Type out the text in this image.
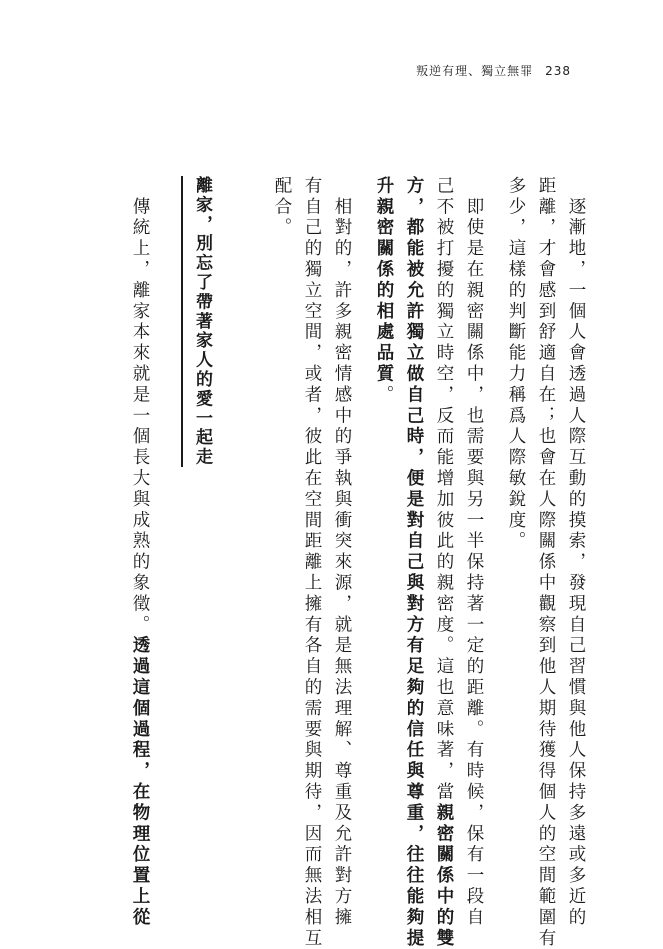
叛逆有理、獨立無罪 238
　逐漸地，一個人會透過人際互動的摸索，發現自己習慣與他人保持多遠或多近的
距離，才會感到舒適自在；也會在人際關係中觀察到他人期待獲得個人的空間範圍有
多少，這樣的判斷能力稱爲人際敏銳度。
　即使是在親密關係中，也需要與另一半保持著一定的距離。有時候，保有一段自
己不被打擾的獨立時空，反而能增加彼此的親密度。這也意味著，當親密關係中的雙
方，都能被允許獨立做自己時，便是對自己與對方有足夠的信任與尊重，往往能夠提
升親密關係的相處品質。
　相對的，許多親密情感中的爭執與衝突來源，就是無法理解、尊重及允許對方擁
有自己的獨立空間，或者，彼此在空間距離上擁有各自的需要與期待，因而無法相互
配合。
離家，別忘了帶著家人的愛一起走
　傳統上，離家本來就是一個長大與成熟的象徵。透過這個過程，在物理位置上從
